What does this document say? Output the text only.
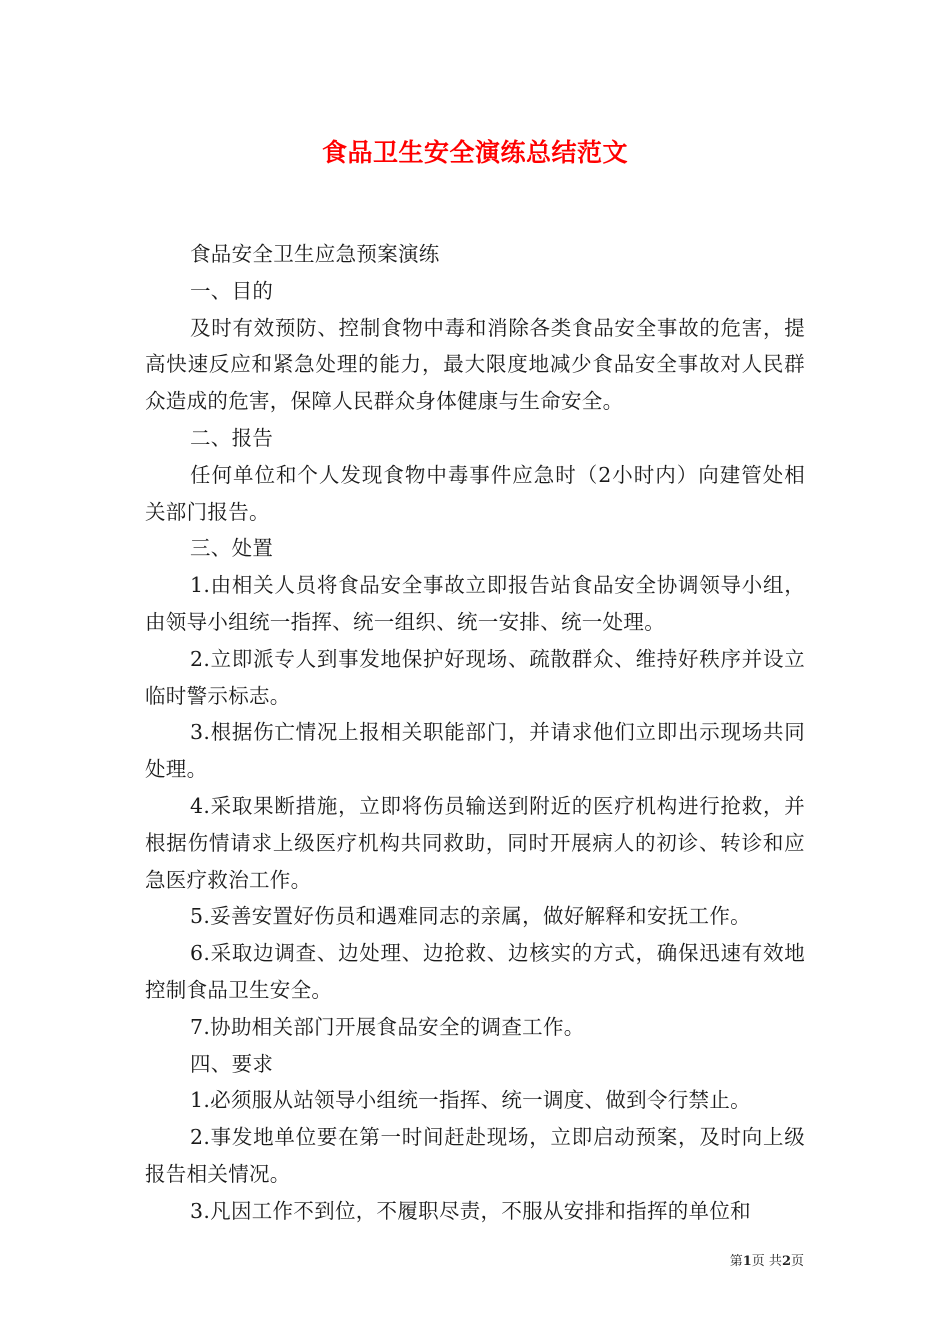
食品卫生安全演练总结范文

食品安全卫生应急预案演练

一、目的

及时有效预防、控制食物中毒和消除各类食品安全事故的危害，提高快速反应和紧急处理的能力，最大限度地减少食品安全事故对人民群众造成的危害，保障人民群众身体健康与生命安全。

二、报告

任何单位和个人发现食物中毒事件应急时（2小时内）向建管处相关部门报告。

三、处置

1.由相关人员将食品安全事故立即报告站食品安全协调领导小组，由领导小组统一指挥、统一组织、统一安排、统一处理。

2.立即派专人到事发地保护好现场、疏散群众、维持好秩序并设立临时警示标志。

3.根据伤亡情况上报相关职能部门，并请求他们立即出示现场共同处理。

4.采取果断措施，立即将伤员输送到附近的医疗机构进行抢救，并根据伤情请求上级医疗机构共同救助，同时开展病人的初诊、转诊和应急医疗救治工作。

5.妥善安置好伤员和遇难同志的亲属，做好解释和安抚工作。

6.采取边调查、边处理、边抢救、边核实的方式，确保迅速有效地控制食品卫生安全。

7.协助相关部门开展食品安全的调查工作。

四、要求

1.必须服从站领导小组统一指挥、统一调度、做到令行禁止。

2.事发地单位要在第一时间赶赴现场，立即启动预案，及时向上级报告相关情况。

3.凡因工作不到位，不履职尽责，不服从安排和指挥的单位和

第1页 共2页
